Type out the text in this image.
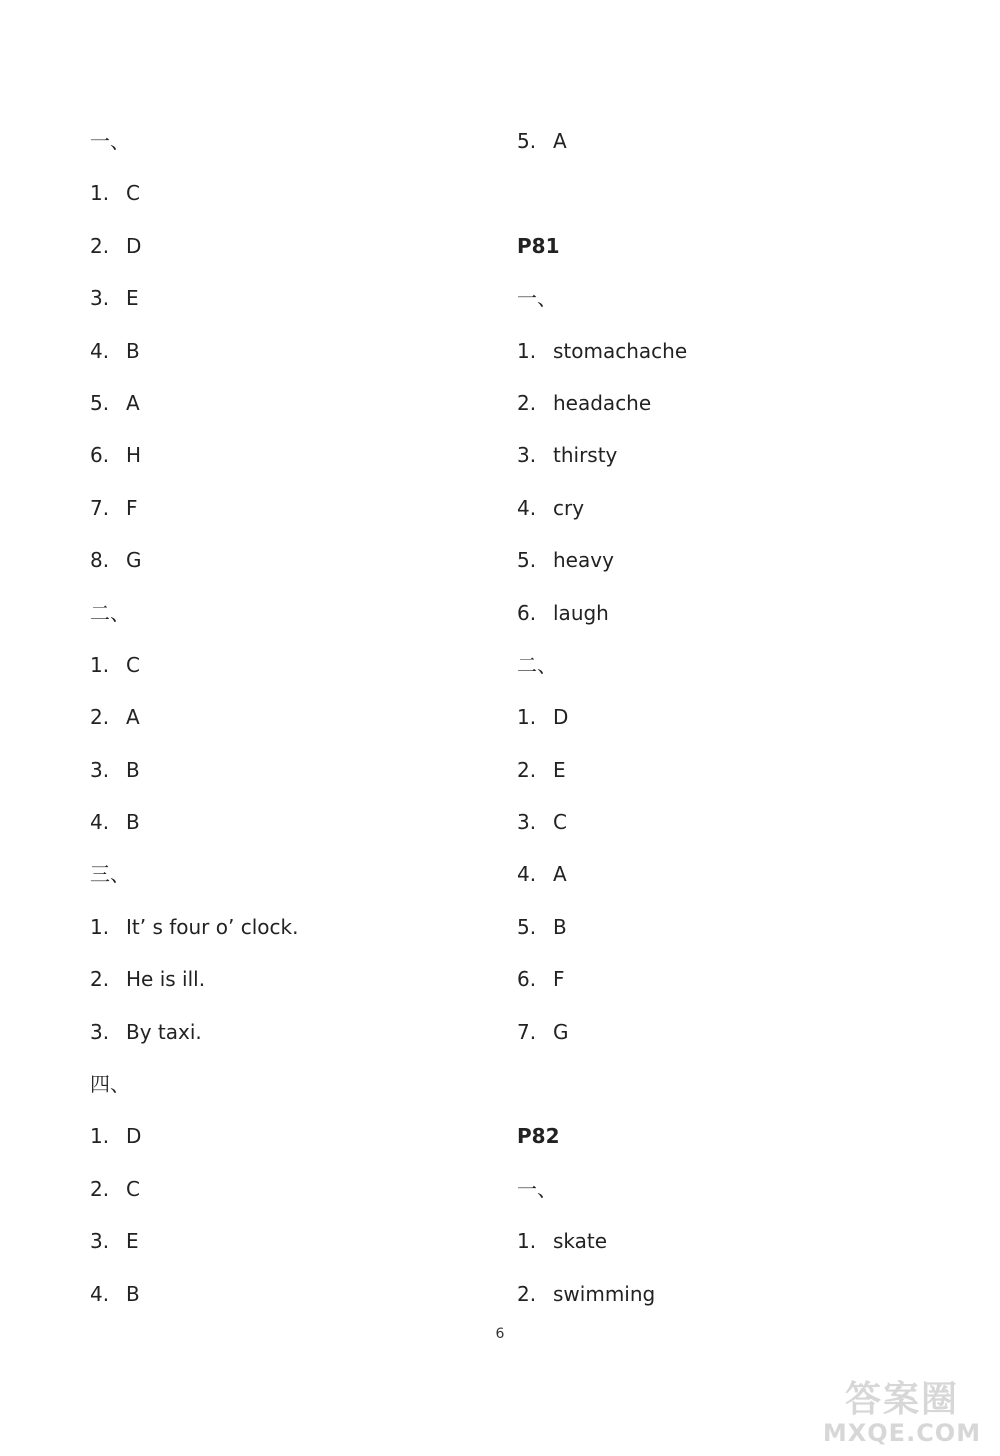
一、
1. C
2. D
3. E
4. B
5. A
6. H
7. F
8. G
二、
1. C
2. A
3. B
4. B
三、
1. It’ s four o’ clock.
2. He is ill.
3. By taxi.
四、
1. D
2. C
3. E
4. B
5. A
P81
一、
1. stomachache
2. headache
3. thirsty
4. cry
5. heavy
6. laugh
二、
1. D
2. E
3. C
4. A
5. B
6. F
7. G
P82
一、
1. skate
2. swimming
6
答案圈
MXQE.COM
